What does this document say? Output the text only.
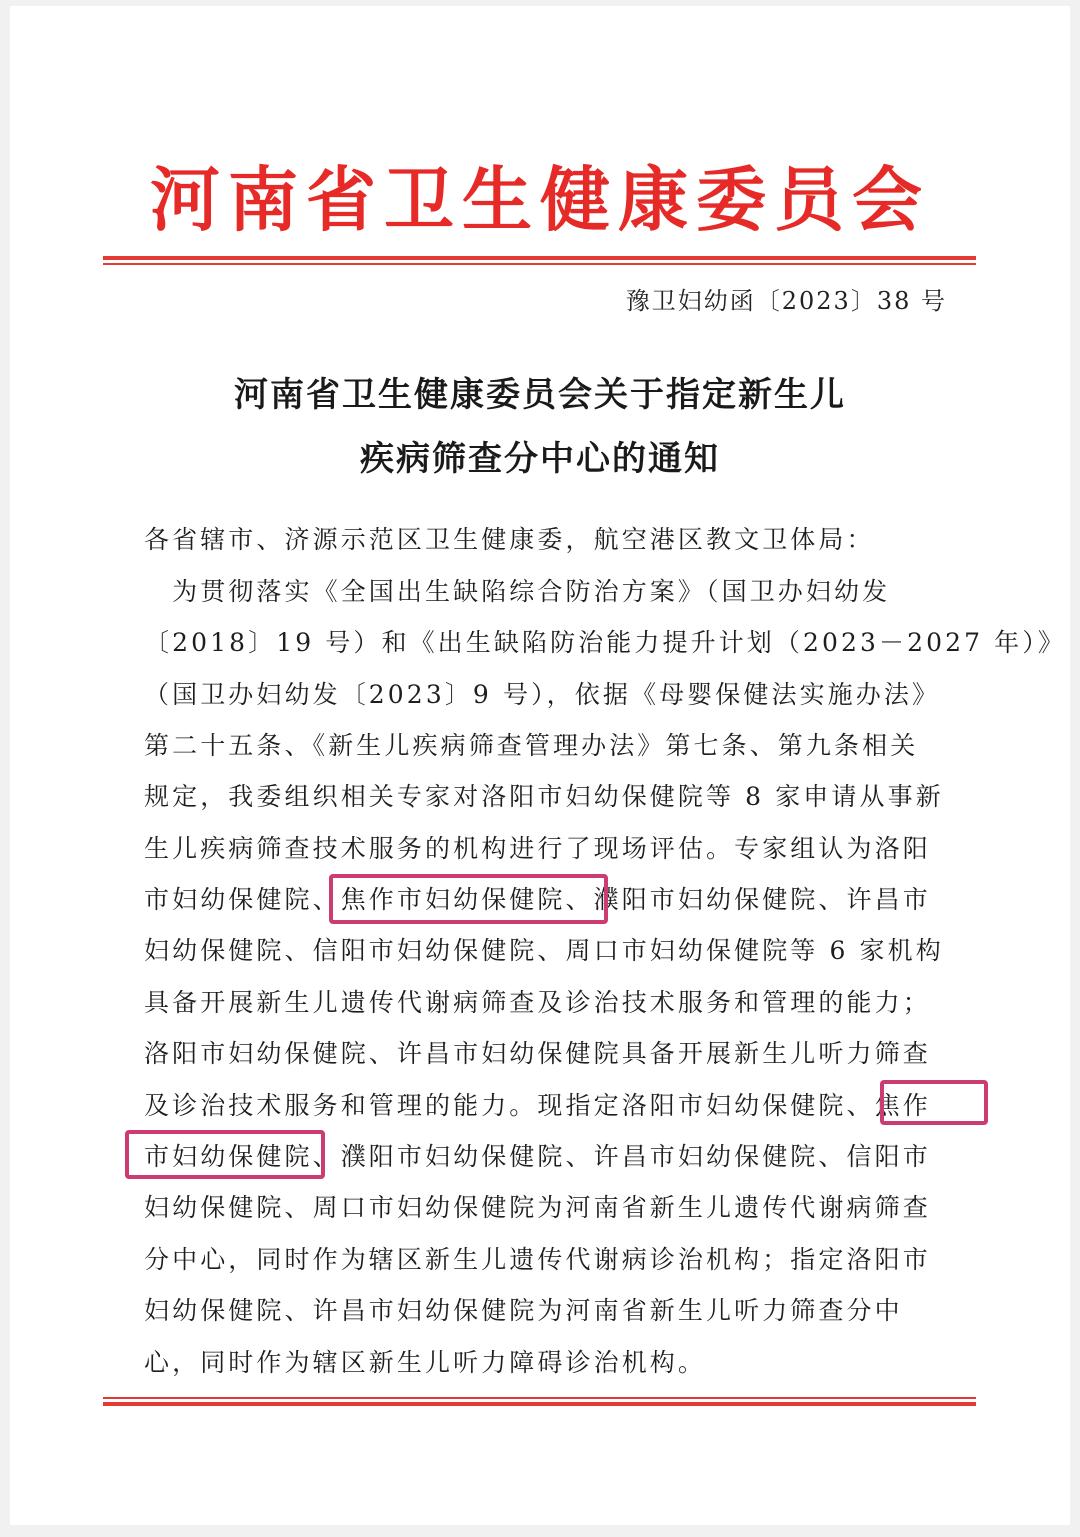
河南省卫生健康委员会
豫卫妇幼函〔2023〕38 号
河南省卫生健康委员会关于指定新生儿
疾病筛查分中心的通知
各省辖市、济源示范区卫生健康委，航空港区教文卫体局：
　为贯彻落实《全国出生缺陷综合防治方案》（国卫办妇幼发
〔2018〕19 号）和《出生缺陷防治能力提升计划（2023－2027 年）》
（国卫办妇幼发〔2023〕9 号），依据《母婴保健法实施办法》
第二十五条、《新生儿疾病筛查管理办法》第七条、第九条相关
规定，我委组织相关专家对洛阳市妇幼保健院等 8 家申请从事新
生儿疾病筛查技术服务的机构进行了现场评估。专家组认为洛阳
市妇幼保健院、焦作市妇幼保健院、濮阳市妇幼保健院、许昌市
妇幼保健院、信阳市妇幼保健院、周口市妇幼保健院等 6 家机构
具备开展新生儿遗传代谢病筛查及诊治技术服务和管理的能力；
洛阳市妇幼保健院、许昌市妇幼保健院具备开展新生儿听力筛查
及诊治技术服务和管理的能力。现指定洛阳市妇幼保健院、焦作
市妇幼保健院、濮阳市妇幼保健院、许昌市妇幼保健院、信阳市
妇幼保健院、周口市妇幼保健院为河南省新生儿遗传代谢病筛查
分中心，同时作为辖区新生儿遗传代谢病诊治机构；指定洛阳市
妇幼保健院、许昌市妇幼保健院为河南省新生儿听力筛查分中
心，同时作为辖区新生儿听力障碍诊治机构。
